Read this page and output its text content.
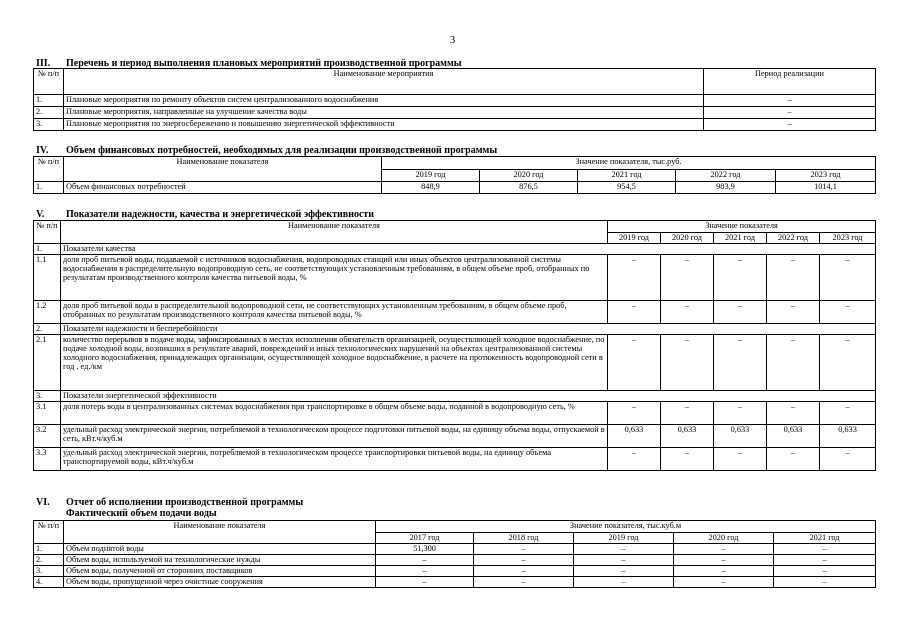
3
III. Перечень и период выполнения плановых мероприятий производственной программы
№ п/п	Наименование мероприятия	Период реализации
1.	Плановые мероприятия по ремонту объектов систем централизованного водоснабжения	–
2.	Плановые мероприятия, направленные на улучшение качества воды	–
3.	Плановые мероприятия по энергосбережению и повышению энергетической эффективности	–
IV. Объем финансовых потребностей, необходимых для реализации производственной программы
№ п/п	Наименование показателя	Значение показателя, тыс.руб.				
		2019 год	2020 год	2021 год	2022 год	2023 год
1.	Объем финансовых потребностей	848,9	876,5	954,5	983,9	1014,1
V. Показатели надежности, качества и энергетической эффективности
№ п/п	Наименование показателя	Значение показателя				
		2019 год	2020 год	2021 год	2022 год	2023 год
1.	Показатели качества					
1.1	доля проб питьевой воды, подаваемой с источников водоснабжения, водопроводных станций или иных объектов централизованной системы водоснабжения в распределительную водопроводную сеть, не соответствующих установленным требованиям, в общем объеме проб, отобранных по результатам производственного контроля качества питьевой воды, %	–	–	–	–	–
1.2	доля проб питьевой воды в распределительной водопроводной сети, не соответствующих установленным требованиям, в общем объеме проб, отобранных по результатам производственного контроля качества питьевой воды, %	–	–	–	–	–
2.	Показатели надежности и бесперебойности					
2.1	количество перерывов в подаче воды, зафиксированных в местах исполнения обязательств организацией, осуществляющей холодное водоснабжение, по подаче холодной воды, возникших в результате аварий, повреждений и иных технологических нарушений на объектах централизованной системы холодного водоснабжения, принадлежащих организации, осуществляющей холодное водоснабжение, в расчете на протяженность водопроводной сети в год , ед./км	–	–	–	–	–
3.	Показатели энергетической эффективности					
3.1	доля потерь воды в централизованных системах водоснабжения при транспортировке в общем объеме воды, поданной в водопроводную сеть, %	–	–	–	–	–
3.2	удельный расход электрической энергии, потребляемой в технологическом процессе подготовки питьевой воды, на единицу объема воды, отпускаемой в сеть, кВт.ч/куб.м	0,633	0,633	0,633	0,633	0,633
3.3	удельный расход электрической энергии, потребляемой в технологическом процессе транспортировки питьевой воды, на единицу объема транспортируемой воды, кВт.ч/куб.м	–	–	–	–	–
VI. Отчет об исполнении производственной программы
Фактический объем подачи воды
№ п/п	Наименование показателя	Значение показателя, тыс.куб.м				
		2017 год	2018 год	2019 год	2020 год	2021 год
1.	Объем поднятой воды	51,300	–	–	–	–
2.	Объем воды, используемой на технологические нужды	–	–	–	–	–
3.	Объем воды, полученной от сторонних поставщиков	–	–	–	–	–
4.	Объем воды, пропущенной через очистные сооружения	–	–	–	–	–
